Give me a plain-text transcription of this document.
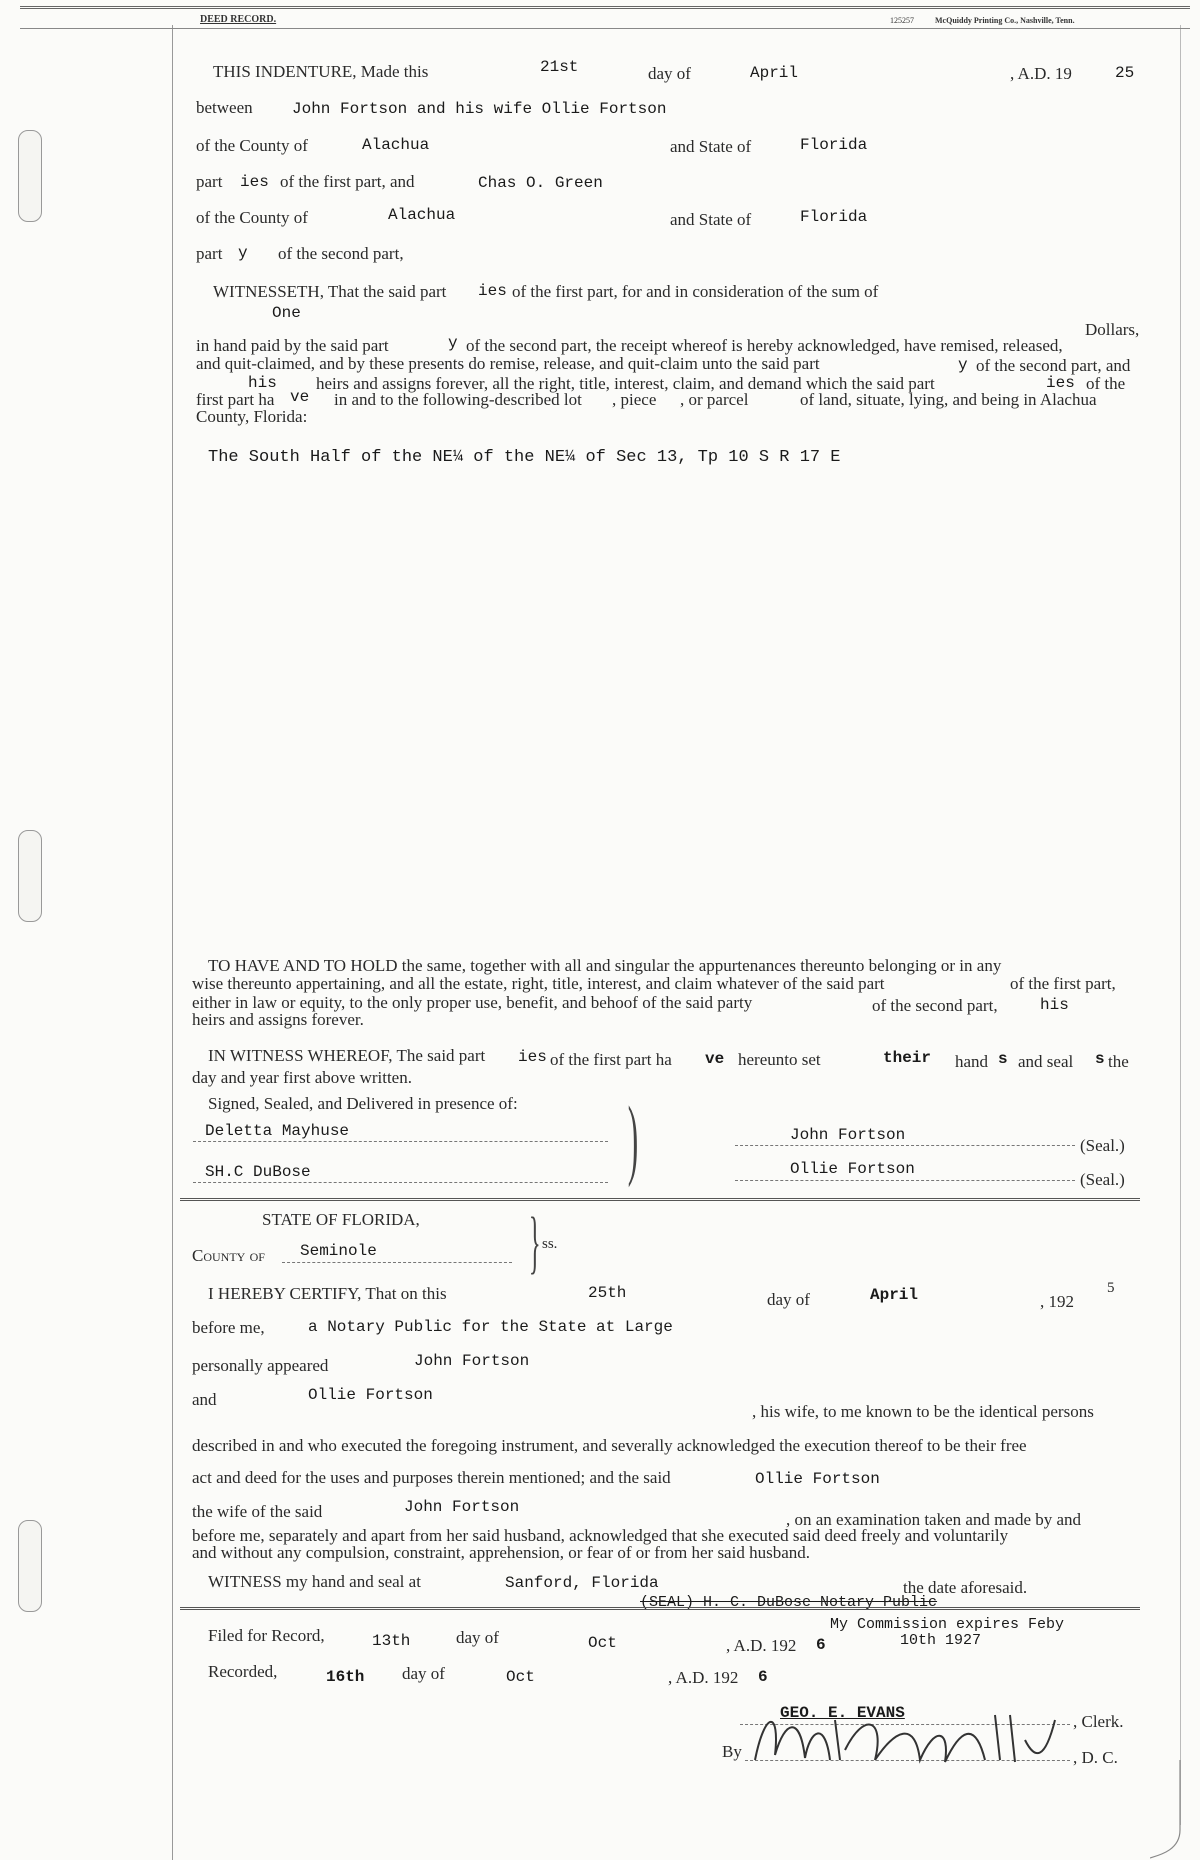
DEED RECORD.	125257	McQuiddy Printing Co., Nashville, Tenn.
THIS INDENTURE, Made this	21st	day of	April	, A.D. 19	25
between John Fortson and his wife Ollie Fortson
of the County of	Alachua	and State of	Florida
part ies of the first part, and	Chas O. Green
of the County of	Alachua	and State of	Florida
part y of the second part,
WITNESSETH, That the said part ies of the first part, for and in consideration of the sum of
One
Dollars,
in hand paid by the said part	y of the second part, the receipt whereof is hereby acknowledged, have remised, released,
and quit-claimed, and by these presents do remise, release, and quit-claim unto the said part	y of the second part, and
his heirs and assigns forever, all the right, title, interest, claim, and demand which the said part	ies of the
first part ha ve in and to the following-described lot , piece , or parcel	of land, situate, lying, and being in Alachua
County, Florida:
The South Half of the NE¼ of the NE¼ of Sec 13, Tp 10 S R 17 E
TO HAVE AND TO HOLD the same, together with all and singular the appurtenances thereunto belonging or in any
wise thereunto appertaining, and all the estate, right, title, interest, and claim whatever of the said part	of the first part,
either in law or equity, to the only proper use, benefit, and behoof of the said party	of the second part,	his
heirs and assigns forever.
IN WITNESS WHEREOF, The said part ies of the first part ha ve hereunto set	their hand s and seal s the
day and year first above written.
Signed, Sealed, and Delivered in presence of: )
Deletta Mayhuse
SH.C DuBose
John Fortson
(Seal.)
Ollie Fortson
(Seal.)
STATE OF FLORIDA, } ss.
County of Seminole
I HEREBY CERTIFY, That on this	25th	day of	April	, 192
5
before me,	a Notary Public for the State at Large
personally appeared	John Fortson
and	Ollie Fortson
, his wife, to me known to be the identical persons
described in and who executed the foregoing instrument, and severally acknowledged the execution thereof to be their free
act and deed for the uses and purposes therein mentioned; and the said	Ollie Fortson
the wife of the said	John Fortson
, on an examination taken and made by and
before me, separately and apart from her said husband, acknowledged that she executed said deed freely and voluntarily
and without any compulsion, constraint, apprehension, or fear of or from her said husband.
WITNESS my hand and seal at	Sanford, Florida	the date aforesaid.
(SEAL) H. C. DuBose Notary Public
My Commission expires Feby
10th 1927
Filed for Record,	13th	day of	Oct	, A.D. 192 6
Recorded,	16th day of	Oct	, A.D. 192 6
GEO. E. EVANS	, Clerk.
By	, D. C.
